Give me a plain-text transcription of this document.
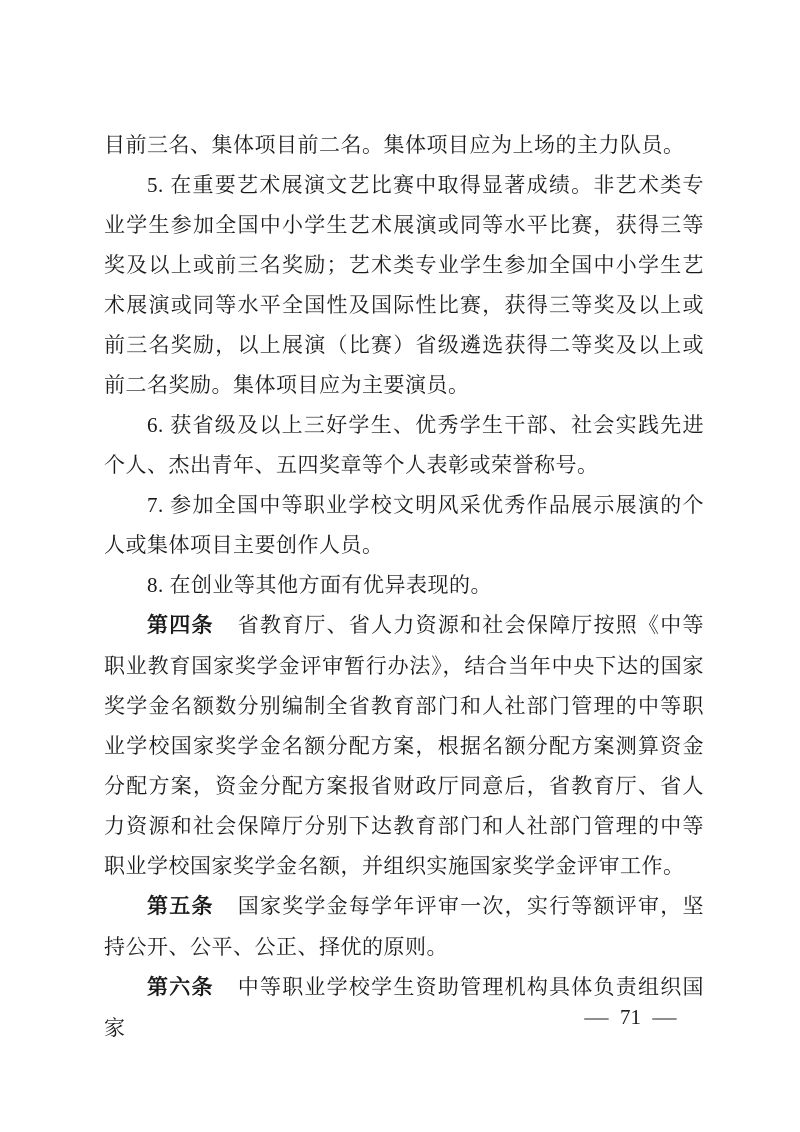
目前三名、集体项目前二名。集体项目应为上场的主力队员。

5. 在重要艺术展演文艺比赛中取得显著成绩。非艺术类专业学生参加全国中小学生艺术展演或同等水平比赛，获得三等奖及以上或前三名奖励；艺术类专业学生参加全国中小学生艺术展演或同等水平全国性及国际性比赛，获得三等奖及以上或前三名奖励，以上展演（比赛）省级遴选获得二等奖及以上或前二名奖励。集体项目应为主要演员。

6. 获省级及以上三好学生、优秀学生干部、社会实践先进个人、杰出青年、五四奖章等个人表彰或荣誉称号。

7. 参加全国中等职业学校文明风采优秀作品展示展演的个人或集体项目主要创作人员。

8. 在创业等其他方面有优异表现的。

第四条 省教育厅、省人力资源和社会保障厅按照《中等职业教育国家奖学金评审暂行办法》，结合当年中央下达的国家奖学金名额数分别编制全省教育部门和人社部门管理的中等职业学校国家奖学金名额分配方案，根据名额分配方案测算资金分配方案，资金分配方案报省财政厅同意后，省教育厅、省人力资源和社会保障厅分别下达教育部门和人社部门管理的中等职业学校国家奖学金名额，并组织实施国家奖学金评审工作。

第五条 国家奖学金每学年评审一次，实行等额评审，坚持公开、公平、公正、择优的原则。

第六条 中等职业学校学生资助管理机构具体负责组织国家	— 71 —
